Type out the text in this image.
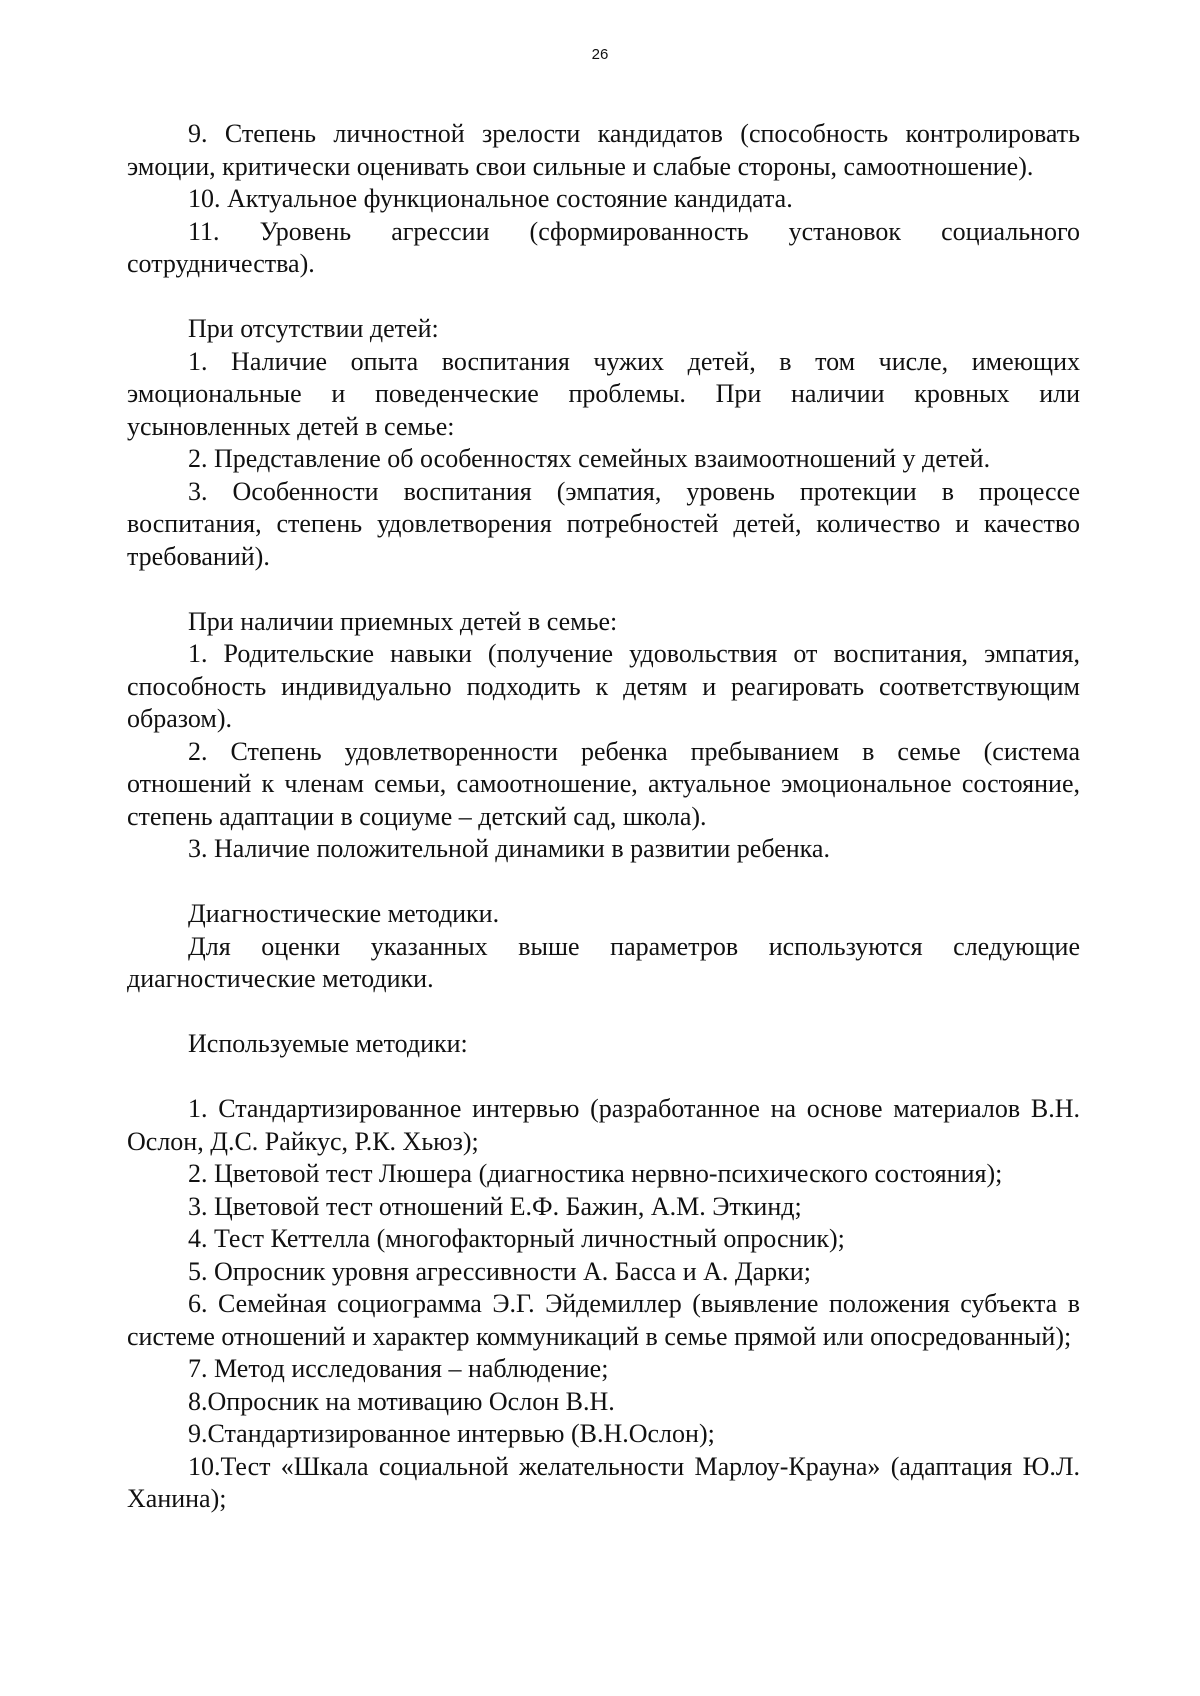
26

9. Степень личностной зрелости кандидатов (способность контролировать эмоции, критически оценивать свои сильные и слабые стороны, самоотношение).

10. Актуальное функциональное состояние кандидата.

11. Уровень агрессии (сформированность установок социального сотрудничества).

При отсутствии детей:

1. Наличие опыта воспитания чужих детей, в том числе, имеющих эмоциональные и поведенческие проблемы. При наличии кровных или усыновленных детей в семье:

2. Представление об особенностях семейных взаимоотношений у детей.

3. Особенности воспитания (эмпатия, уровень протекции в процессе воспитания, степень удовлетворения потребностей детей, количество и качество требований).

При наличии приемных детей в семье:

1. Родительские навыки (получение удовольствия от воспитания, эмпатия, способность индивидуально подходить к детям и реагировать соответствующим образом).

2. Степень удовлетворенности ребенка пребыванием в семье (система отношений к членам семьи, самоотношение, актуальное эмоциональное состояние, степень адаптации в социуме – детский сад, школа).

3. Наличие положительной динамики в развитии ребенка.

Диагностические методики.

Для оценки указанных выше параметров используются следующие диагностические методики.

Используемые методики:

1. Стандартизированное интервью (разработанное на основе материалов В.Н. Ослон, Д.С. Райкус, Р.К. Хьюз);

2. Цветовой тест Люшера (диагностика нервно-психического состояния);

3. Цветовой тест отношений Е.Ф. Бажин, А.М. Эткинд;

4. Тест Кеттелла (многофакторный личностный опросник);

5. Опросник уровня агрессивности А. Басса и А. Дарки;

6. Семейная социограмма Э.Г. Эйдемиллер (выявление положения субъекта в системе отношений и характер коммуникаций в семье прямой или опосредованный);

7. Метод исследования – наблюдение;

8.Опросник на мотивацию Ослон В.Н.

9.Стандартизированное интервью (В.Н.Ослон);

10.Тест «Шкала социальной желательности Марлоу-Крауна» (адаптация Ю.Л. Ханина);
